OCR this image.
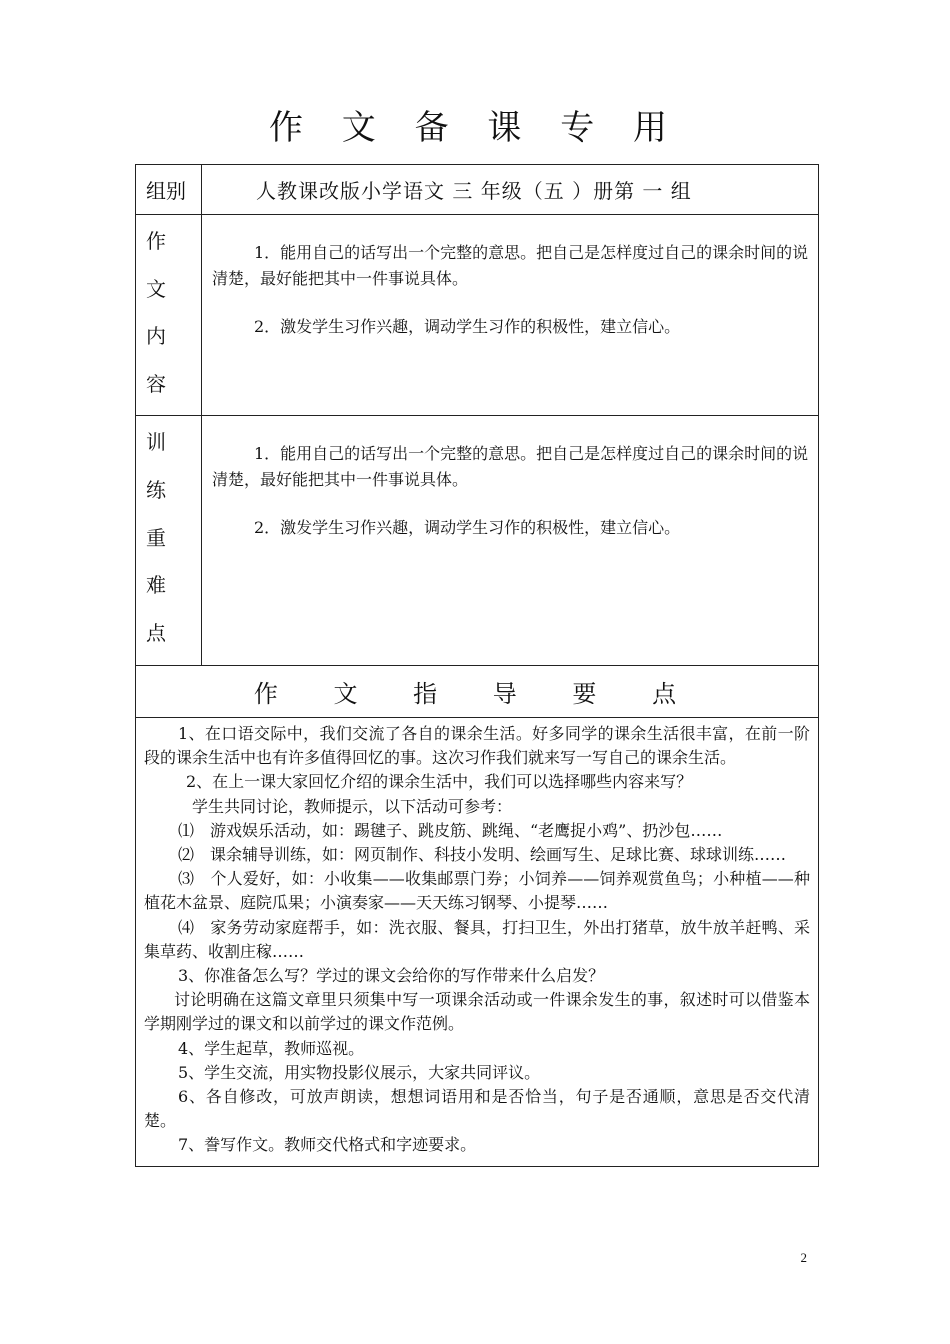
作 文 备 课 专 用
组别	人教课改版小学语文 三 年级（五 ）册第 一 组
作
文
内
容

1．能用自己的话写出一个完整的意思。把自己是怎样度过自己的课余时间的说清楚，最好能把其中一件事说具体。

2．激发学生习作兴趣，调动学生习作的积极性，建立信心。

训
练
重
难
点

1．能用自己的话写出一个完整的意思。把自己是怎样度过自己的课余时间的说清楚，最好能把其中一件事说具体。

2．激发学生习作兴趣，调动学生习作的积极性，建立信心。

作 文 指 导 要 点

1、在口语交际中，我们交流了各自的课余生活。好多同学的课余生活很丰富，在前一阶段的课余生活中也有许多值得回忆的事。这次习作我们就来写一写自己的课余生活。

2、在上一课大家回忆介绍的课余生活中，我们可以选择哪些内容来写？

学生共同讨论，教师提示，以下活动可参考：

⑴　游戏娱乐活动，如：踢毽子、跳皮筋、跳绳、“老鹰捉小鸡”、扔沙包……

⑵　课余辅导训练，如：网页制作、科技小发明、绘画写生、足球比赛、球球训练……

⑶　个人爱好，如：小收集——收集邮票门券；小饲养——饲养观赏鱼鸟；小种植——种植花木盆景、庭院瓜果；小演奏家——天天练习钢琴、小提琴……

⑷　家务劳动家庭帮手，如：洗衣服、餐具，打扫卫生，外出打猪草，放牛放羊赶鸭、采集草药、收割庄稼……

3、你准备怎么写？学过的课文会给你的写作带来什么启发？

讨论明确在这篇文章里只须集中写一项课余活动或一件课余发生的事，叙述时可以借鉴本学期刚学过的课文和以前学过的课文作范例。

4、学生起草，教师巡视。

5、学生交流，用实物投影仪展示，大家共同评议。

6、各自修改，可放声朗读，想想词语用和是否恰当，句子是否通顺，意思是否交代清楚。

7、誊写作文。教师交代格式和字迹要求。

2
